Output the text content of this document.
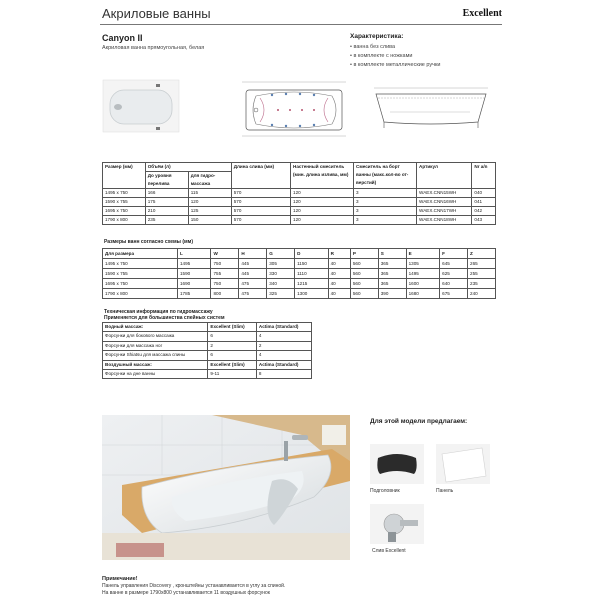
Акриловые ванны	Excellent
Canyon II
Акриловая ванна прямоугольная, белая
Характеристика:
• ванна без слива
• в комплекте с ножками
• в комплекте металлические ручки
Размер (мм)	Объём (л)		Длина слива (мм)	Настенный смеситель (мин. длина излива, мм)	Смеситель на борт ванны (макс.кол-во от-верстий)	Артикул	Nr a/n
	До уровня перелива	для гидро-массажа					
1495 x 750	166	115	570	120	3	WAEX.CNN15WH	040
1590 x 755	175	120	570	120	3	WAEX.CNN16WH	041
1695 x 750	210	125	570	120	3	WAEX.CNN17WH	042
1790 x 800	235	150	570	120	3	WAEX.CNN18WH	043
Размеры ванн согласно схемы (мм)
Для размера	L	W	H	G	D	R	P	S	E	F	Z
1495 x 750	1495	750	445	305	1150	40	560	365	1305	645	265
1590 x 755	1590	755	445	330	1110	40	560	365	1495	625	255
1695 x 750	1690	750	475	340	1215	40	560	365	1600	640	235
1790 x 800	1785	800	475	325	1300	40	560	390	1680	675	240
Техническая информация по гидромассажу
Применяется для большинства спейных систем
Водный массаж:	Excellent (Slim)	Actima (Standard)
Форсунки для бокового массажа	6	4
Форсунки для массажа ног	2	2
Форсунки Shiatsu для массажа спины	6	4
Воздушный массаж:	Excellent (Slim)	Actima (Standard)
Форсунки на дне ванны	9-11	8
Для этой модели предлагаем:
Подголовник	Панель
Слив Excellent
Примечание!
Панель управления Discovery , кронштейны устанавливается в углу за спиной.
На ванне в размере 1790x800 устанавливается 11 воздушных форсунок
